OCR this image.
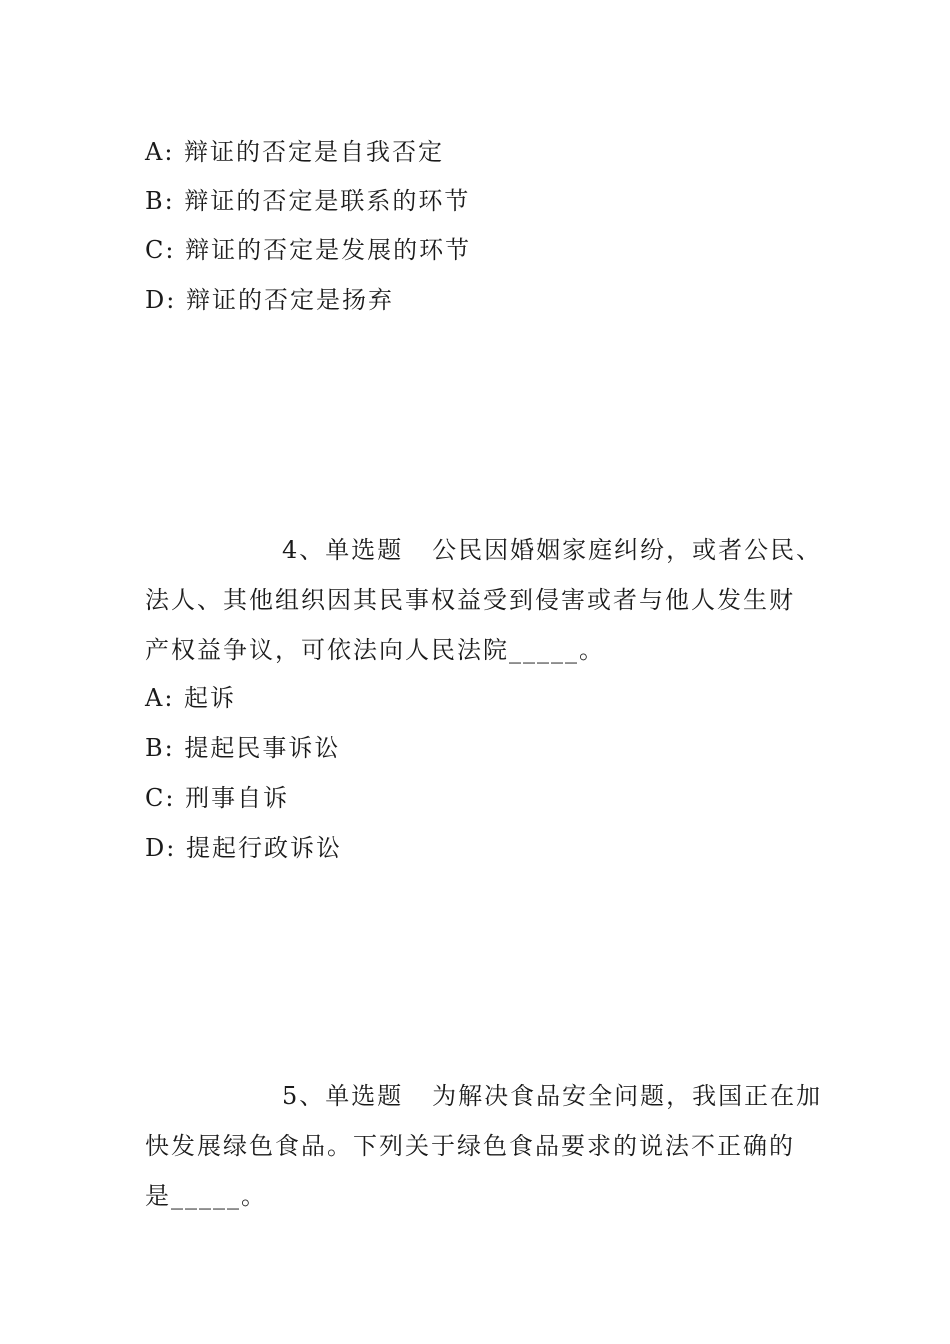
A: 辩证的否定是自我否定
B: 辩证的否定是联系的环节
C: 辩证的否定是发展的环节
D: 辩证的否定是扬弃
4、单选题   公民因婚姻家庭纠纷，或者公民、
法人、其他组织因其民事权益受到侵害或者与他人发生财
产权益争议，可依法向人民法院_____。
A: 起诉
B: 提起民事诉讼
C: 刑事自诉
D: 提起行政诉讼
5、单选题   为解决食品安全问题，我国正在加
快发展绿色食品。下列关于绿色食品要求的说法不正确的
是_____。
